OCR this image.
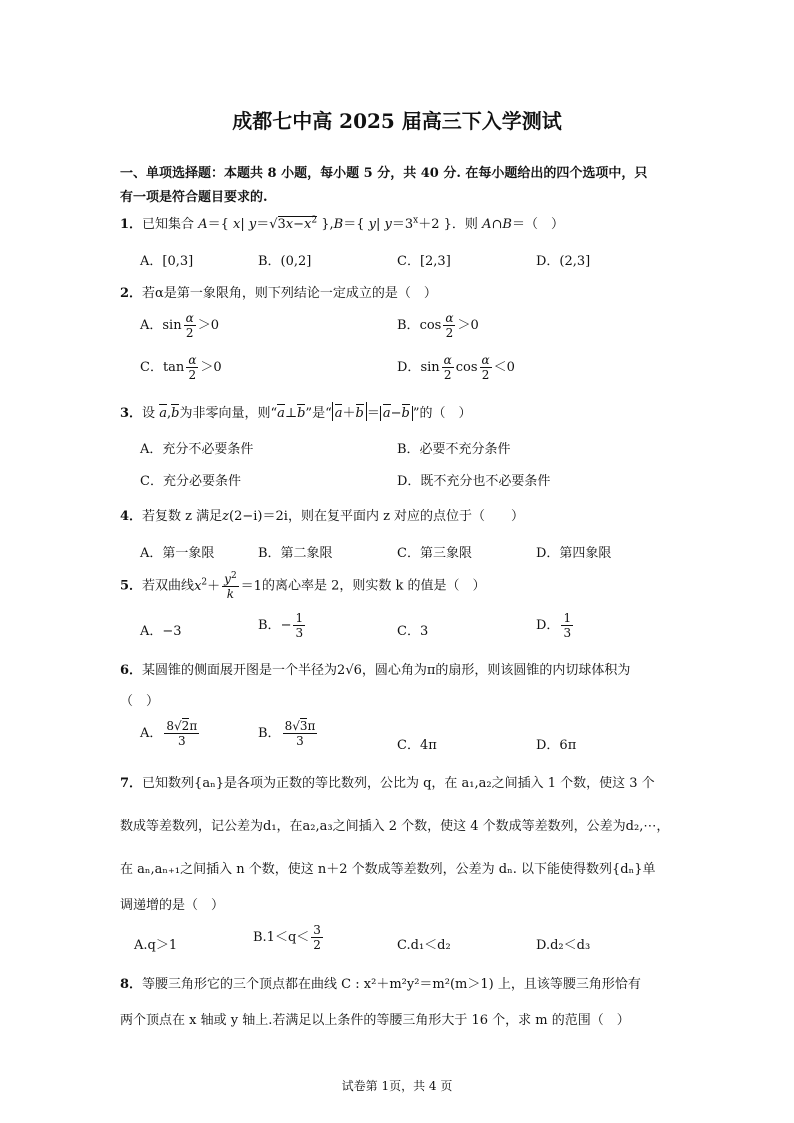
成都七中高 2025 届高三下入学测试
一、单项选择题：本题共 8 小题，每小题 5 分，共 40 分. 在每小题给出的四个选项中，只
有一项是符合题目要求的.
1．已知集合 A＝{ x| $y=√3x-x^2$ },B＝{ y| $y=3^x+2$ }．则 A∩B＝（　）
A．[0,3]	B．(0,2]	C．[2,3]	D．(2,3]
2．若α是第一象限角，则下列结论一定成立的是（　）
A．$\sin \frac{\alpha}{2} >0$	B．$\cos \frac{\alpha}{2} >0$
C．$\tan \frac{\alpha}{2} >0$	D．$\sin \frac{\alpha}{2}$ $\cos \frac{\alpha}{2} <0$
3．设 a,b为非零向量，则“a⊥b”是“ a＋b ＝ a−b ”的（　）
A．充分不必要条件	B．必要不充分条件
C．充分必要条件	D．既不充分也不必要条件
4．若复数 z 满足z(2−i)＝2i，则在复平面内 z 对应的点位于（　　）
A．第一象限	B．第二象限	C．第三象限	D．第四象限
5．若双曲线$x^2+ \frac{y^2}{k} =1$的离心率是 2，则实数 k 的值是（　）
A．−3	B．− $\frac{1}{3}$	C．3	D． $\frac{1}{3}$
6．某圆锥的侧面展开图是一个半径为2√6，圆心角为π的扇形，则该圆锥的内切球体积为
（　）
A． $\frac{8√2\pi}{3}$	B． $\frac{8√3\pi}{3}$	C．4π	D．6π
7．已知数列{aₙ}是各项为正数的等比数列，公比为 q，在 a₁,a₂之间插入 1 个数，使这 3 个
数成等差数列，记公差为d₁，在a₂,a₃之间插入 2 个数，使这 4 个数成等差数列，公差为d₂,⋯，
在 aₙ,aₙ₊₁之间插入 n 个数，使这 n＋2 个数成等差数列，公差为 dₙ. 以下能使得数列{dₙ}单
调递增的是（　）
A.q＞1
$B.1<q< \frac{3}{2}$	C.d₁＜d₂	D.d₂＜d₃
8．等腰三角形它的三个顶点都在曲线 C : x²＋m²y²＝m²(m＞1) 上，且该等腰三角形恰有
两个顶点在 x 轴或 y 轴上.若满足以上条件的等腰三角形大于 16 个，求 m 的范围（　）
试卷第 1页，共 4 页
